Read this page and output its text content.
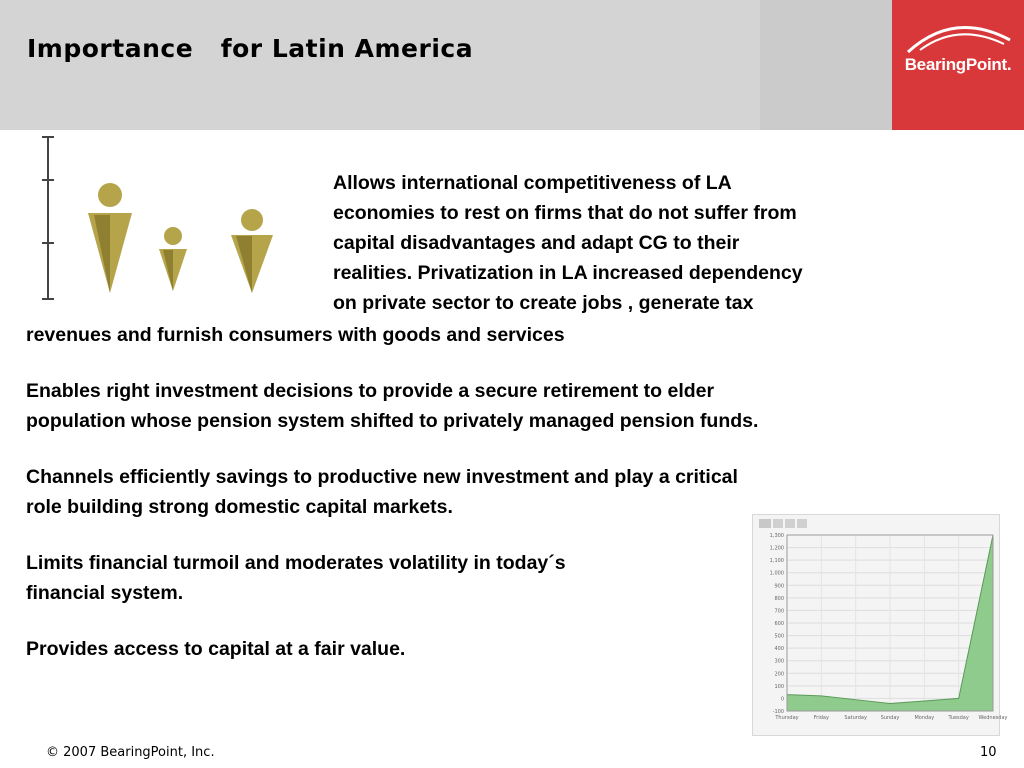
Importance   for Latin America
BearingPoint.
Allows international competitiveness of LA
economies to rest on firms that do not suffer from
capital disadvantages and adapt CG to their
realities. Privatization in LA increased dependency
on private sector to create jobs , generate tax
revenues and furnish consumers with goods and services
Enables right investment decisions to provide a secure retirement to elder
population whose pension system shifted to privately managed pension funds.
Channels efficiently savings to productive new investment and play a critical
role building strong domestic capital markets.
Limits financial turmoil and moderates volatility in today´s
financial system.
Provides access to capital at a fair value.
1,300
1,200
1,100
1,000
900
800
700
600
500
400
300
200
100
0
-100
Thursday	Friday	Saturday	Sunday	Monday	Tuesday Wednesday
© 2007 BearingPoint, Inc.	10
